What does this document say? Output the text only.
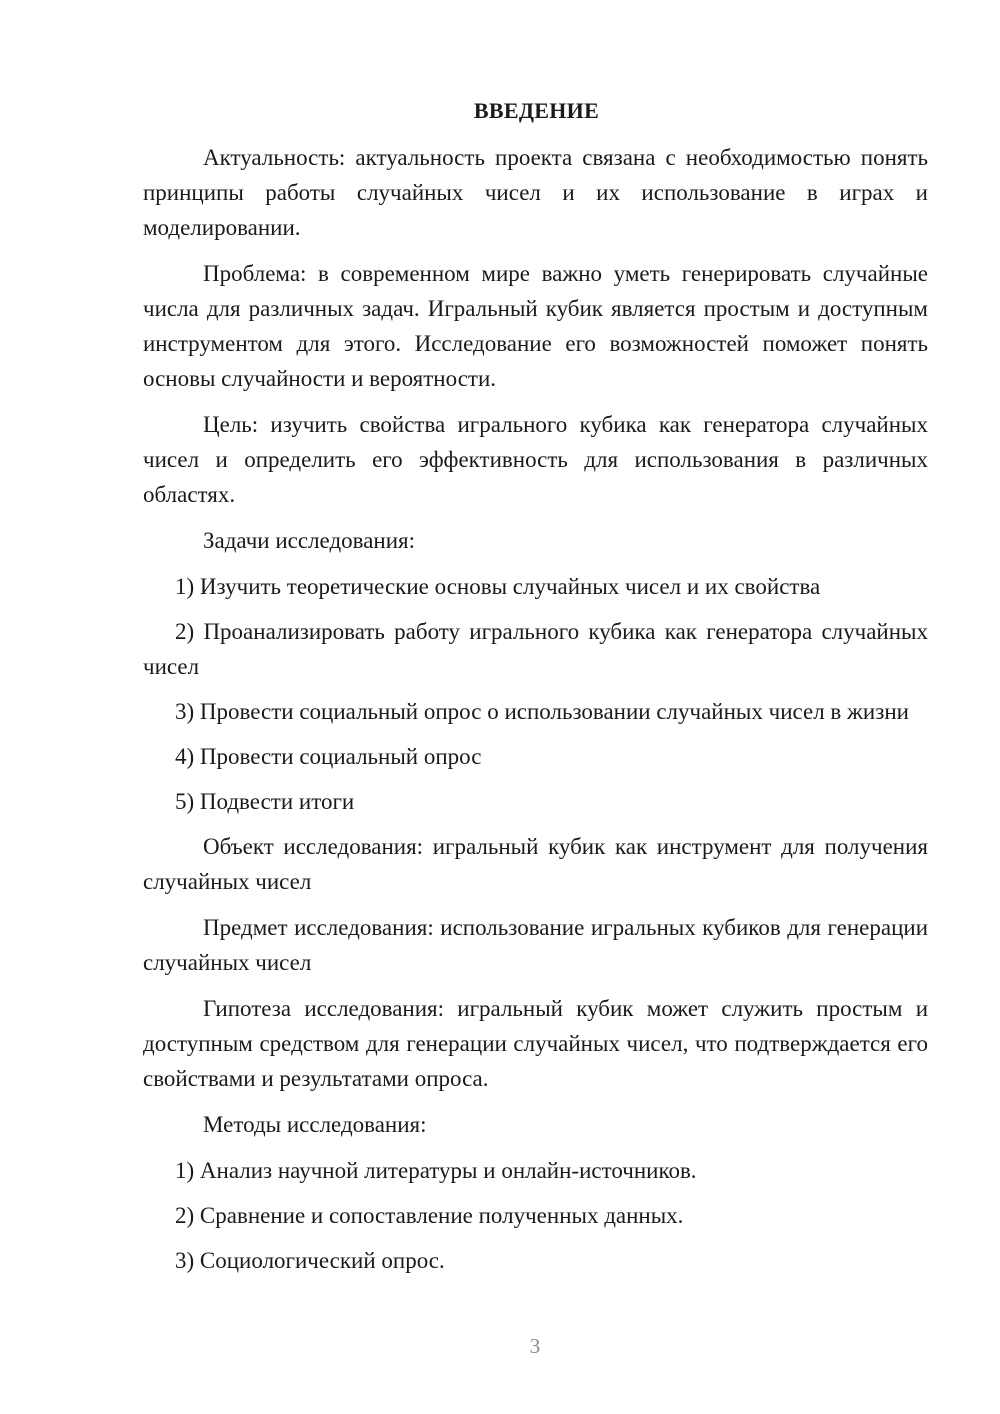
ВВЕДЕНИЕ

Актуальность: актуальность проекта связана с необходимостью понять принципы работы случайных чисел и их использование в играх и моделировании.

Проблема: в современном мире важно уметь генерировать случайные числа для различных задач. Игральный кубик является простым и доступным инструментом для этого. Исследование его возможностей поможет понять основы случайности и вероятности.

Цель: изучить свойства игрального кубика как генератора случайных чисел и определить его эффективность для использования в различных областях.

Задачи исследования:

1) Изучить теоретические основы случайных чисел и их свойства

2) Проанализировать работу игрального кубика как генератора случайных чисел

3) Провести социальный опрос о использовании случайных чисел в жизни

4) Провести социальный опрос

5) Подвести итоги

Объект исследования: игральный кубик как инструмент для получения случайных чисел

Предмет исследования: использование игральных кубиков для генерации случайных чисел

Гипотеза исследования: игральный кубик может служить простым и доступным средством для генерации случайных чисел, что подтверждается его свойствами и результатами опроса.

Методы исследования:

1) Анализ научной литературы и онлайн-источников.

2) Сравнение и сопоставление полученных данных.

3) Социологический опрос.

3
